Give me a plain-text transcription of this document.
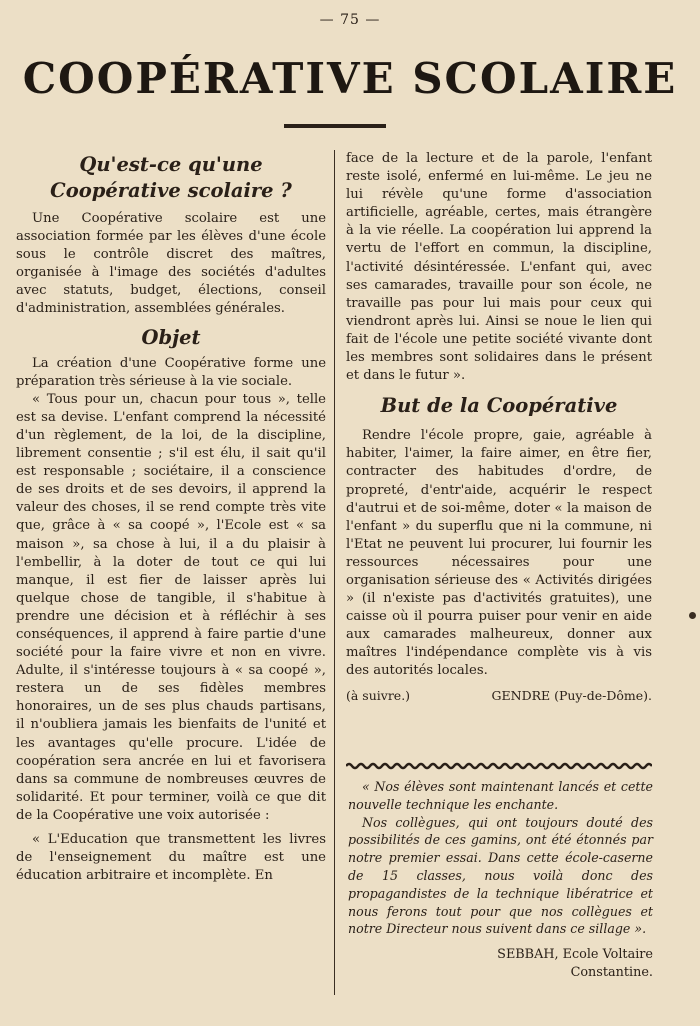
— 75 —
COOPÉRATIVE SCOLAIRE
Qu'est-ce qu'une
Coopérative scolaire ?

Une Coopérative scolaire est une association formée par les élèves d'une école sous le contrôle discret des maîtres, organisée à l'image des sociétés d'adultes avec statuts, budget, élections, conseil d'administration, assemblées générales.

Objet

La création d'une Coopérative forme une préparation très sérieuse à la vie sociale.

« Tous pour un, chacun pour tous », telle est sa devise. L'enfant comprend la nécessité d'un règlement, de la loi, de la discipline, librement consentie ; s'il est élu, il sait qu'il est responsable ; sociétaire, il a conscience de ses droits et de ses devoirs, il apprend la valeur des choses, il se rend compte très vite que, grâce à « sa coopé », l'Ecole est « sa maison », sa chose à lui, il a du plaisir à l'embellir, à la doter de tout ce qui lui manque, il est fier de laisser après lui quelque chose de tangible, il s'habitue à prendre une décision et à réfléchir à ses conséquences, il apprend à faire partie d'une société pour la faire vivre et non en vivre. Adulte, il s'intéresse toujours à « sa coopé », restera un de ses fidèles membres honoraires, un de ses plus chauds partisans, il n'oubliera jamais les bienfaits de l'unité et les avantages qu'elle procure. L'idée de coopération sera ancrée en lui et favorisera dans sa commune de nombreuses œuvres de solidarité. Et pour terminer, voilà ce que dit de la Coopérative une voix autorisée :

« L'Education que transmettent les livres de l'enseignement du maître est une éducation arbitraire et incomplète. En

face de la lecture et de la parole, l'enfant reste isolé, enfermé en lui-même. Le jeu ne lui révèle qu'une forme d'association artificielle, agréable, certes, mais étrangère à la vie réelle. La coopération lui apprend la vertu de l'effort en commun, la discipline, l'activité désintéressée. L'enfant qui, avec ses camarades, travaille pour son école, ne travaille pas pour lui mais pour ceux qui viendront après lui. Ainsi se noue le lien qui fait de l'école une petite société vivante dont les membres sont solidaires dans le présent et dans le futur ».

But de la Coopérative

Rendre l'école propre, gaie, agréable à habiter, l'aimer, la faire aimer, en être fier, contracter des habitudes d'ordre, de propreté, d'entr'aide, acquérir le respect d'autrui et de soi-même, doter « la maison de l'enfant » du superflu que ni la commune, ni l'Etat ne peuvent lui procurer, lui fournir les ressources nécessaires pour une organisation sérieuse des « Activités dirigées » (il n'existe pas d'activités gratuites), une caisse où il pourra puiser pour venir en aide aux camarades malheureux, donner aux maîtres l'indépendance complète vis à vis des autorités locales.

(à suivre.)	GENDRE (Puy-de-Dôme).

« Nos élèves sont maintenant lancés et cette nouvelle technique les enchante.

Nos collègues, qui ont toujours douté des possibilités de ces gamins, ont été étonnés par notre premier essai. Dans cette école-caserne de 15 classes, nous voilà donc des propagandistes de la technique libératrice et nous ferons tout pour que nos collègues et notre Directeur nous suivent dans ce sillage ».

SEBBAH, Ecole Voltaire
Constantine.
